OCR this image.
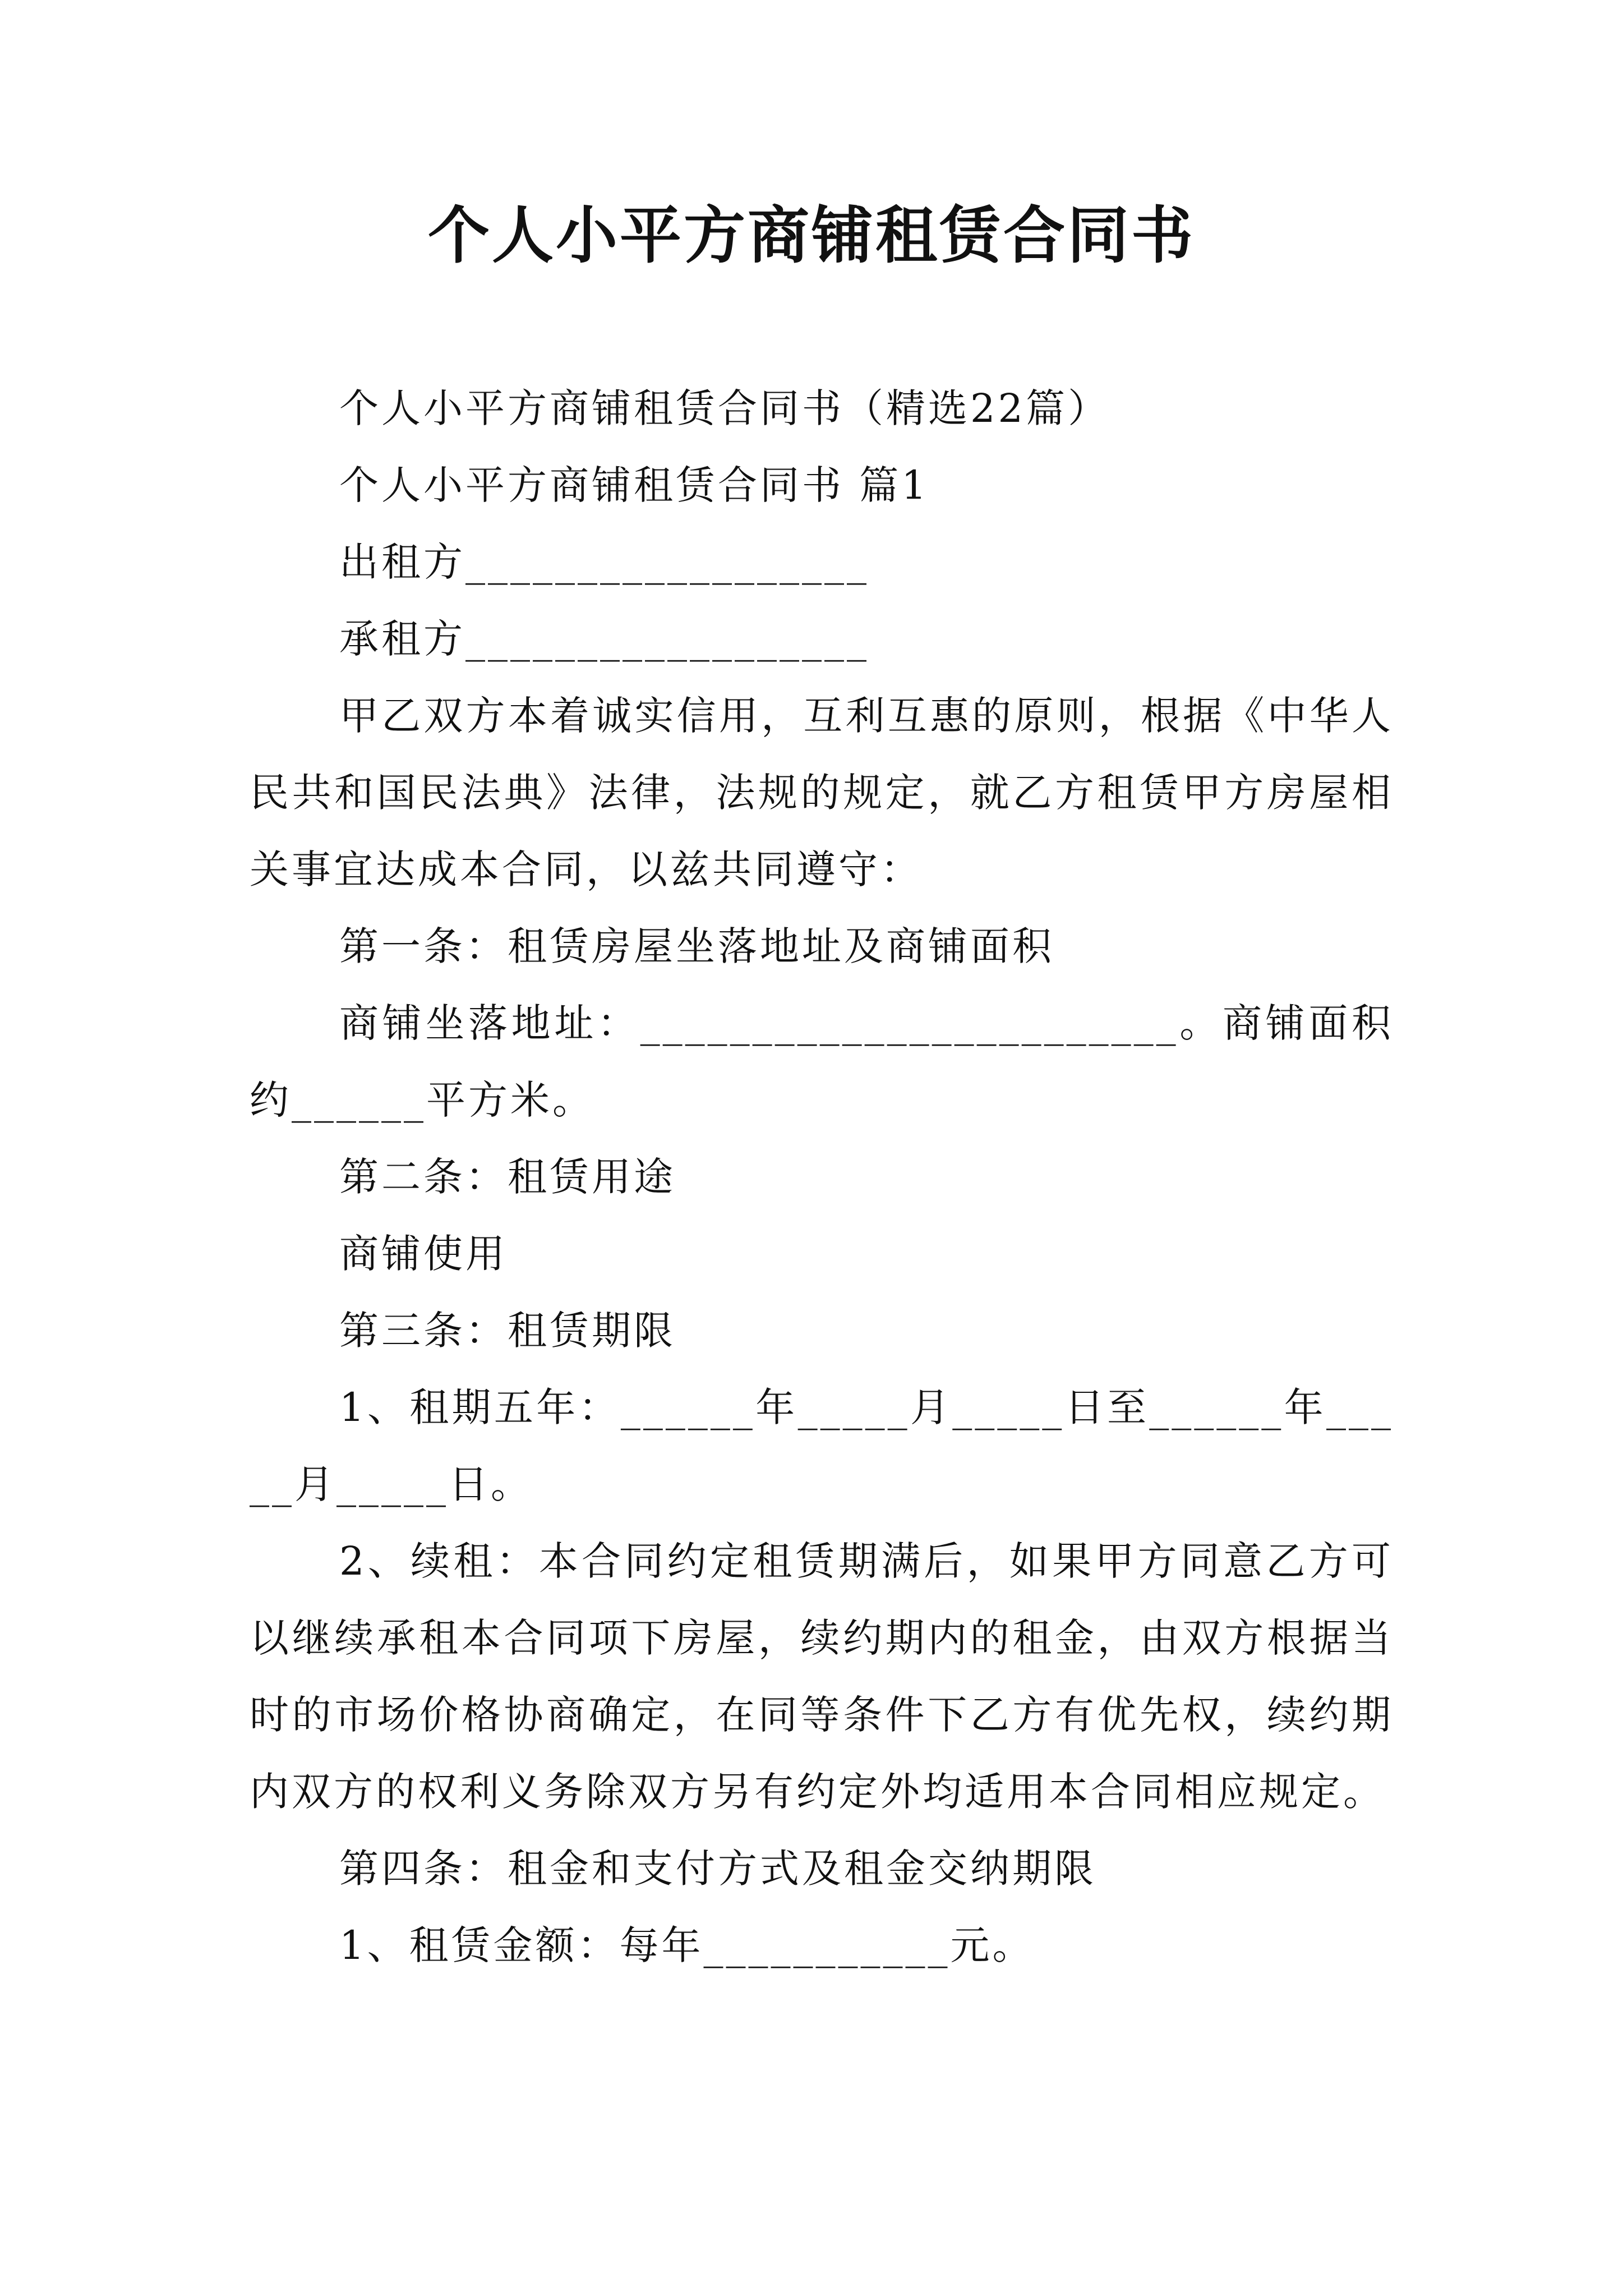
个人小平方商铺租赁合同书

个人小平方商铺租赁合同书（精选22篇）

个人小平方商铺租赁合同书 篇1

出租方__________________

承租方__________________

甲乙双方本着诚实信用，互利互惠的原则，根据《中华人民共和国民法典》法律，法规的规定，就乙方租赁甲方房屋相关事宜达成本合同，以兹共同遵守：

第一条：租赁房屋坐落地址及商铺面积

商铺坐落地址：________________________。商铺面积约______平方米。

第二条：租赁用途

商铺使用

第三条：租赁期限

1、租期五年：______年_____月_____日至______年_____月_____日。

2、续租：本合同约定租赁期满后，如果甲方同意乙方可以继续承租本合同项下房屋，续约期内的租金，由双方根据当时的市场价格协商确定，在同等条件下乙方有优先权，续约期内双方的权利义务除双方另有约定外均适用本合同相应规定。

第四条：租金和支付方式及租金交纳期限

1、租赁金额：每年___________元。
